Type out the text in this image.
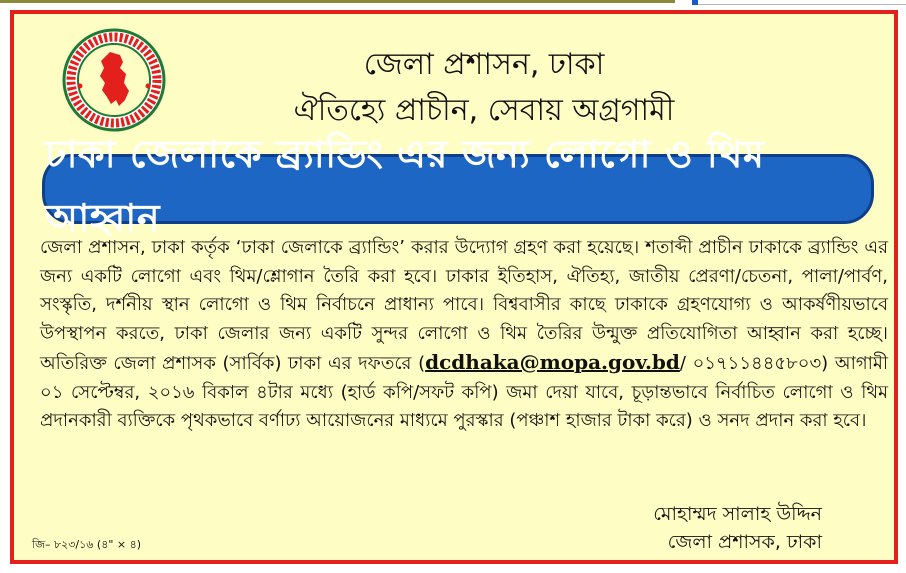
জেলা প্রশাসন, ঢাকা
ঐতিহ্যে প্রাচীন, সেবায় অগ্রগামী
ঢাকা জেলাকে ব্র্যান্ডিং এর জন্য লোগো ও থিম আহ্বান
জেলা প্রশাসন, ঢাকা কর্তৃক ‘ঢাকা জেলাকে ব্র্যান্ডিং’ করার উদ্যোগ গ্রহণ করা হয়েছে। শতাব্দী প্রাচীন ঢাকাকে ব্র্যান্ডিং এর জন্য একটি লোগো এবং থিম/শ্লোগান তৈরি করা হবে। ঢাকার ইতিহাস, ঐতিহ্য, জাতীয় প্রেরণা/চেতনা, পালা/পার্বণ, সংস্কৃতি, দর্শনীয় স্থান লোগো ও থিম নির্বাচনে প্রাধান্য পাবে। বিশ্ববাসীর কাছে ঢাকাকে গ্রহণযোগ্য ও আকর্ষণীয়ভাবে উপস্থাপন করতে, ঢাকা জেলার জন্য একটি সুন্দর লোগো ও থিম তৈরির উন্মুক্ত প্রতিযোগিতা আহ্বান করা হচ্ছে। অতিরিক্ত জেলা প্রশাসক (সার্বিক) ঢাকা এর দফতরে (dcdhaka@mopa.gov.bd/ ০১৭১১৪৪৫৮০৩) আগামী ০১ সেপ্টেম্বর, ২০১৬ বিকাল ৪টার মধ্যে (হার্ড কপি/সফট কপি) জমা দেয়া যাবে, চূড়ান্তভাবে নির্বাচিত লোগো ও থিম প্রদানকারী ব্যক্তিকে পৃথকভাবে বর্ণাঢ্য আয়োজনের মাধ্যমে পুরস্কার (পঞ্চাশ হাজার টাকা করে) ও সনদ প্রদান করা হবে।
মোহাম্মদ সালাহ উদ্দিন
জেলা প্রশাসক, ঢাকা
জি– ৮২৩/১৬ (৪" × ৪)
